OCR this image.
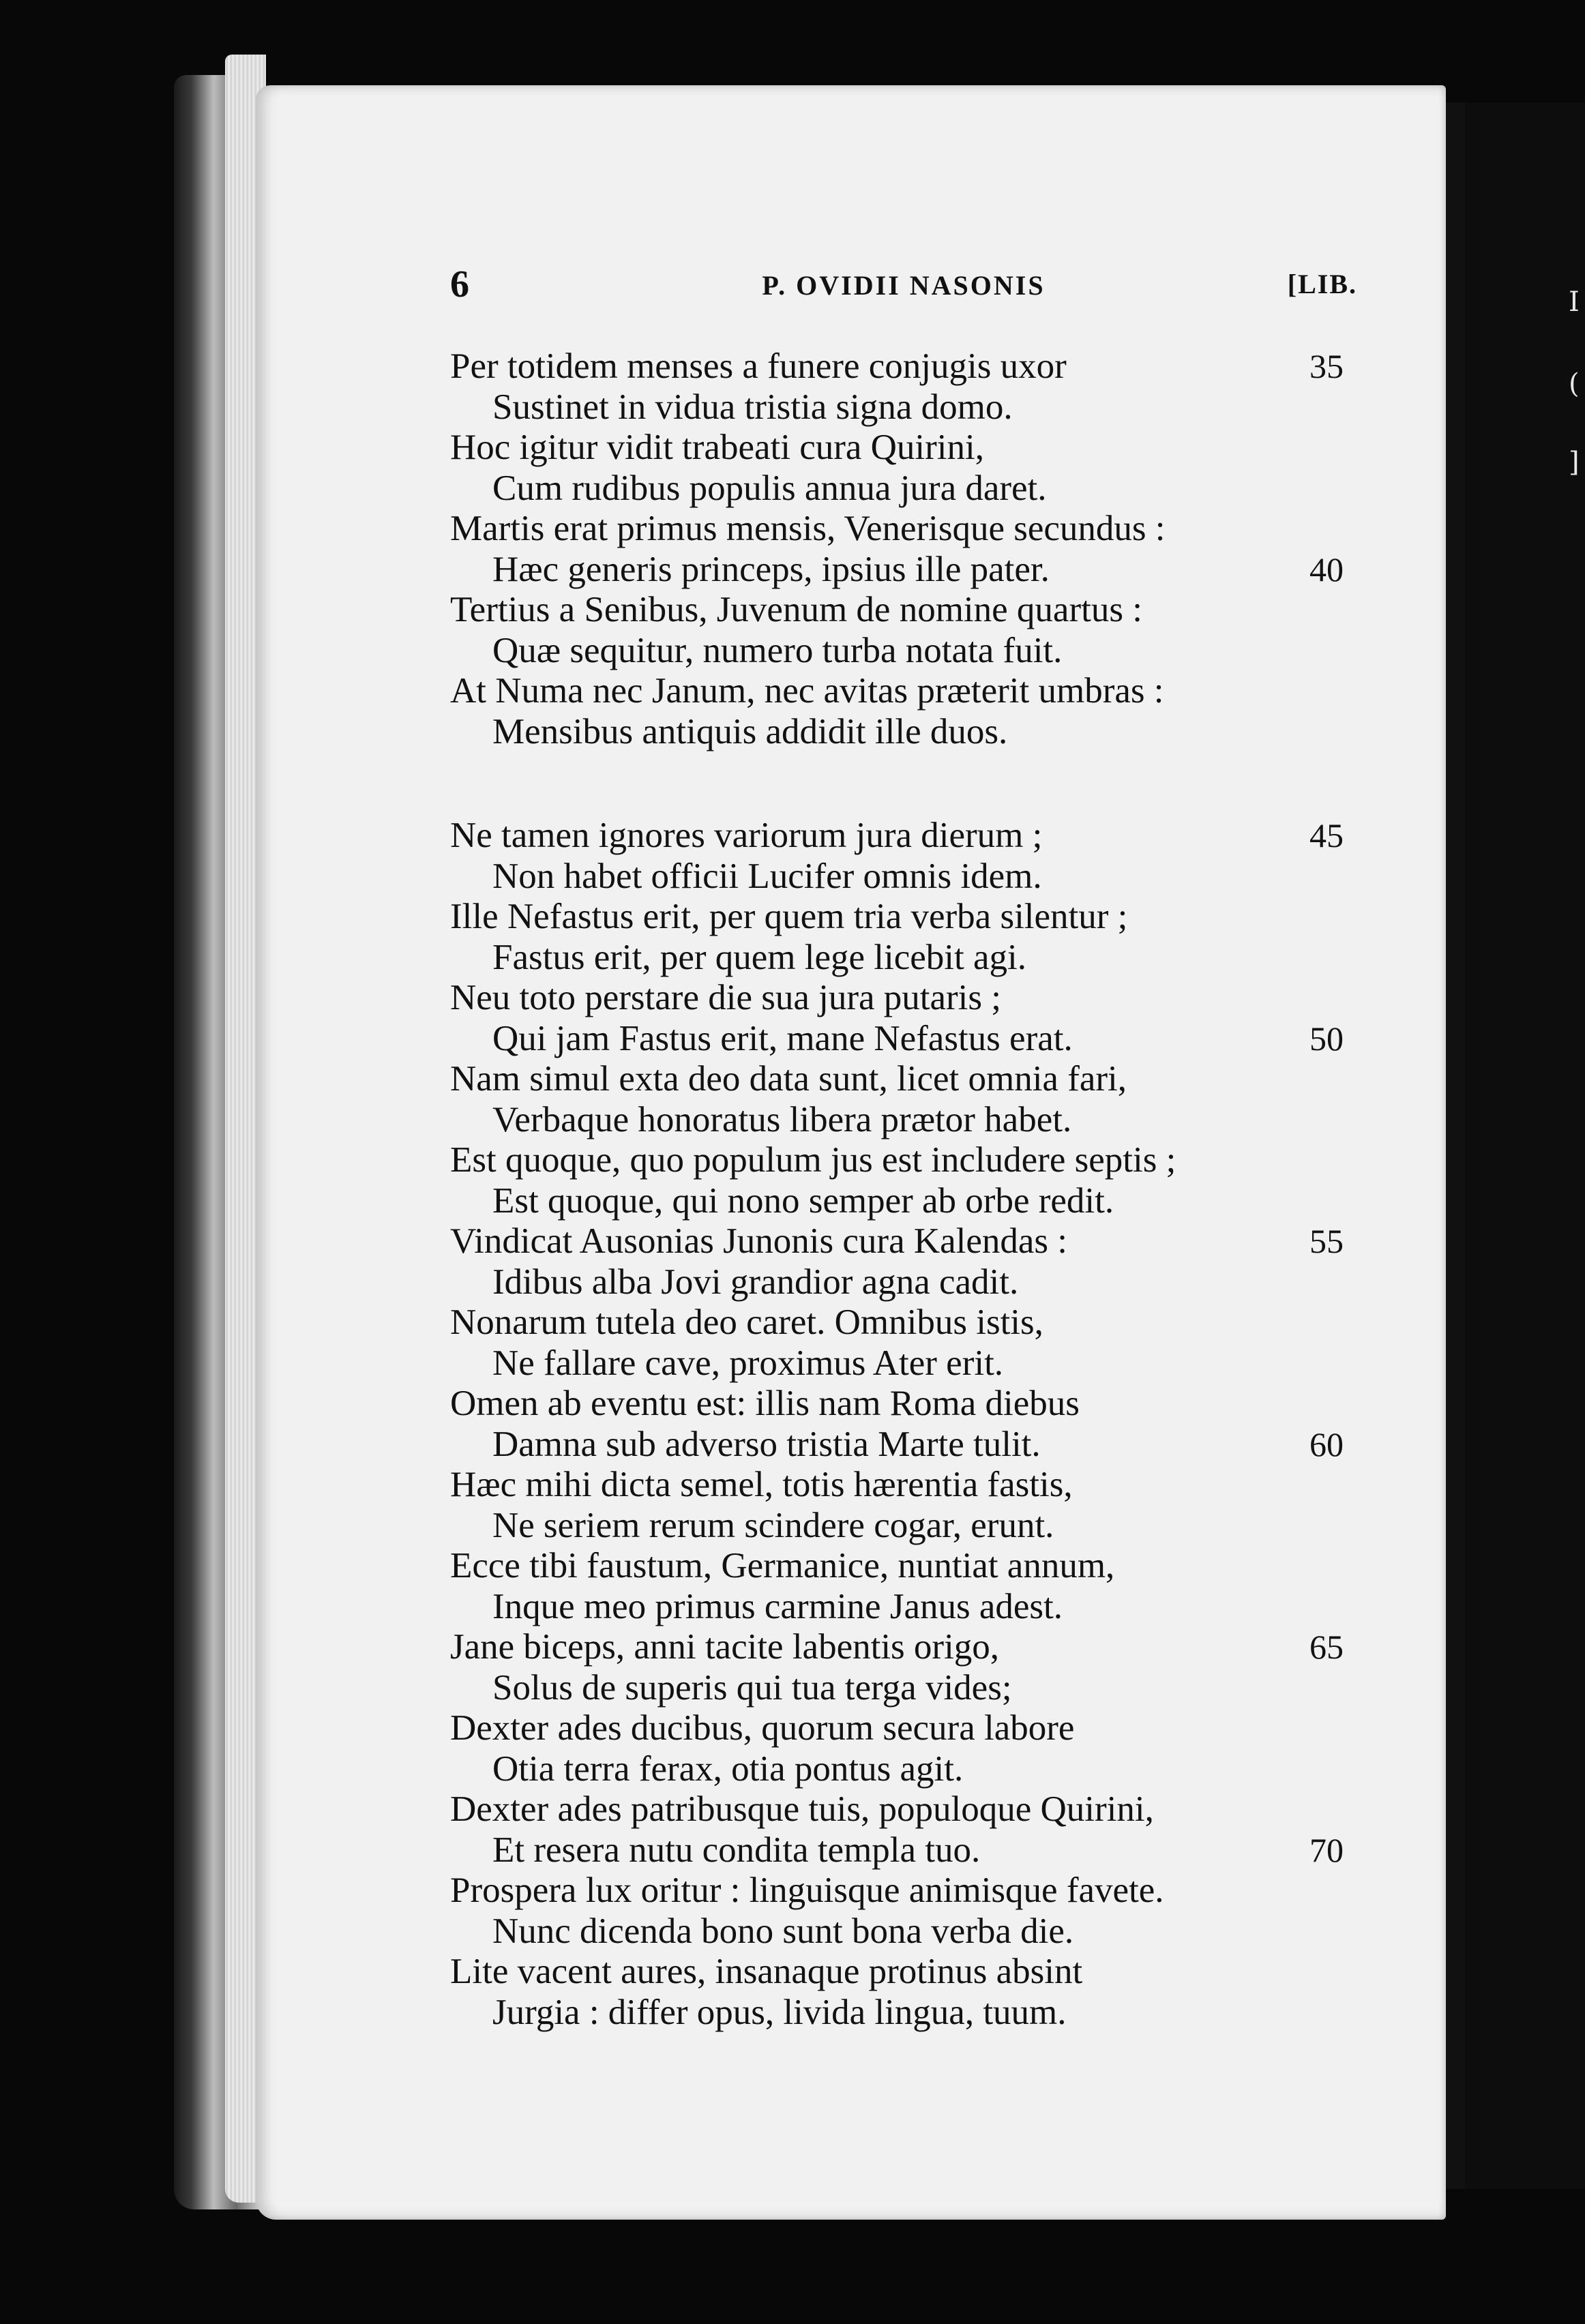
I
(
]
6	P. OVIDII NASONIS	[LIB.
Per totidem menses a funere conjugis uxor	35
Sustinet in vidua tristia signa domo.
Hoc igitur vidit trabeati cura Quirini,
Cum rudibus populis annua jura daret.
Martis erat primus mensis, Venerisque secundus :
Hæc generis princeps, ipsius ille pater.	40
Tertius a Senibus, Juvenum de nomine quartus :
Quæ sequitur, numero turba notata fuit.
At Numa nec Janum, nec avitas præterit umbras :
Mensibus antiquis addidit ille duos.
Ne tamen ignores variorum jura dierum ;	45
Non habet officii Lucifer omnis idem.
Ille Nefastus erit, per quem tria verba silentur ;
Fastus erit, per quem lege licebit agi.
Neu toto perstare die sua jura putaris ;
Qui jam Fastus erit, mane Nefastus erat.	50
Nam simul exta deo data sunt, licet omnia fari,
Verbaque honoratus libera prætor habet.
Est quoque, quo populum jus est includere septis ;
Est quoque, qui nono semper ab orbe redit.
Vindicat Ausonias Junonis cura Kalendas :	55
Idibus alba Jovi grandior agna cadit.
Nonarum tutela deo caret. Omnibus istis,
Ne fallare cave, proximus Ater erit.
Omen ab eventu est: illis nam Roma diebus
Damna sub adverso tristia Marte tulit.	60
Hæc mihi dicta semel, totis hærentia fastis,
Ne seriem rerum scindere cogar, erunt.
Ecce tibi faustum, Germanice, nuntiat annum,
Inque meo primus carmine Janus adest.
Jane biceps, anni tacite labentis origo,	65
Solus de superis qui tua terga vides;
Dexter ades ducibus, quorum secura labore
Otia terra ferax, otia pontus agit.
Dexter ades patribusque tuis, populoque Quirini,
Et resera nutu condita templa tuo.	70
Prospera lux oritur : linguisque animisque favete.
Nunc dicenda bono sunt bona verba die.
Lite vacent aures, insanaque protinus absint
Jurgia : differ opus, livida lingua, tuum.
